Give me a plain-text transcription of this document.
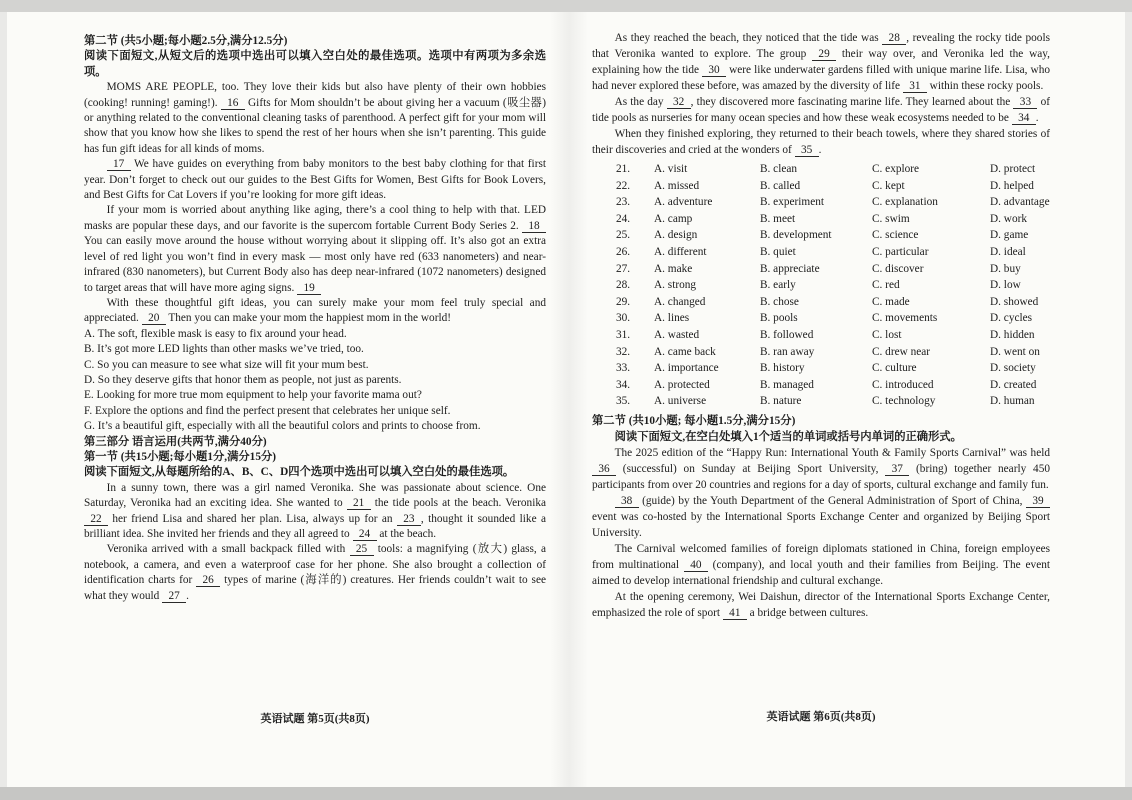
第二节 (共5小题;每小题2.5分,满分12.5分)

阅读下面短文,从短文后的选项中选出可以填入空白处的最佳选项。选项中有两项为多余选项。

MOMS ARE PEOPLE, too. They love their kids but also have plenty of their own hobbies (cooking! running! gaming!). 16 Gifts for Mom shouldn’t be about giving her a vacuum (吸尘器) or anything related to the conventional cleaning tasks of parenthood. A perfect gift for your mom will show that you know how she likes to spend the rest of her hours when she isn’t parenting. This guide has fun gift ideas for all kinds of moms.

17 We have guides on everything from baby monitors to the best baby clothing for that first year. Don’t forget to check out our guides to the Best Gifts for Women, Best Gifts for Book Lovers, and Best Gifts for Cat Lovers if you’re looking for more gift ideas.

If your mom is worried about anything like aging, there’s a cool thing to help with that. LED masks are popular these days, and our favorite is the supercom fortable Current Body Series 2. 18 You can easily move around the house without worrying about it slipping off. It’s also got an extra level of red light you won’t find in every mask — most only have red (633 nanometers) and near-infrared (830 nanometers), but Current Body also has deep near-infrared (1072 nanometers) designed to target areas that will have more aging signs. 19

With these thoughtful gift ideas, you can surely make your mom feel truly special and appreciated. 20 Then you can make your mom the happiest mom in the world!

A. The soft, flexible mask is easy to fix around your head.

B. It’s got more LED lights than other masks we’ve tried, too.

C. So you can measure to see what size will fit your mum best.

D. So they deserve gifts that honor them as people, not just as parents.

E. Looking for more true mom equipment to help your favorite mama out?

F. Explore the options and find the perfect present that celebrates her unique self.

G. It’s a beautiful gift, especially with all the beautiful colors and prints to choose from.

第三部分 语言运用(共两节,满分40分)
第一节 (共15小题;每小题1分,满分15分)

阅读下面短文,从每题所给的A、B、C、D四个选项中选出可以填入空白处的最佳选项。

In a sunny town, there was a girl named Veronika. She was passionate about science. One Saturday, Veronika had an exciting idea. She wanted to 21 the tide pools at the beach. Veronika 22 her friend Lisa and shared her plan. Lisa, always up for an 23 , thought it sounded like a brilliant idea. She invited her friends and they all agreed to 24 at the beach.

Veronika arrived with a small backpack filled with 25 tools: a magnifying (放大) glass, a notebook, a camera, and even a waterproof case for her phone. She also brought a collection of identification charts for 26 types of marine (海洋的) creatures. Her friends couldn’t wait to see what they would 27 .

英语试题 第5页(共8页)

As they reached the beach, they noticed that the tide was 28 , revealing the rocky tide pools that Veronika wanted to explore. The group 29 their way over, and Veronika led the way, explaining how the tide 30 were like underwater gardens filled with unique marine life. Lisa, who had never explored these before, was amazed by the diversity of life 31 within these rocky pools.

As the day 32 , they discovered more fascinating marine life. They learned about the 33 of tide pools as nurseries for many ocean species and how these weak ecosystems needed to be 34 .

When they finished exploring, they returned to their beach towels, where they shared stories of their discoveries and cried at the wonders of 35 .

21.	A. visit	B. clean	C. explore	D. protect
22.	A. missed	B. called	C. kept	D. helped
23.	A. adventure	B. experiment	C. explanation	D. advantage
24.	A. camp	B. meet	C. swim	D. work
25.	A. design	B. development	C. science	D. game
26.	A. different	B. quiet	C. particular	D. ideal
27.	A. make	B. appreciate	C. discover	D. buy
28.	A. strong	B. early	C. red	D. low
29.	A. changed	B. chose	C. made	D. showed
30.	A. lines	B. pools	C. movements	D. cycles
31.	A. wasted	B. followed	C. lost	D. hidden
32.	A. came back	B. ran away	C. drew near	D. went on
33.	A. importance	B. history	C. culture	D. society
34.	A. protected	B. managed	C. introduced	D. created
35.	A. universe	B. nature	C. technology	D. human
第二节 (共10小题; 每小题1.5分,满分15分)

阅读下面短文,在空白处填入1个适当的单词或括号内单词的正确形式。

The 2025 edition of the “Happy Run: International Youth & Family Sports Carnival” was held 36 (successful) on Sunday at Beijing Sport University, 37 (bring) together nearly 450 participants from over 20 countries and regions for a day of sports, cultural exchange and family fun.

38 (guide) by the Youth Department of the General Administration of Sport of China, 39 event was co-hosted by the International Sports Exchange Center and organized by Beijing Sport University.

The Carnival welcomed families of foreign diplomats stationed in China, foreign employees from multinational 40 (company), and local youth and their families from Beijing. The event aimed to develop international friendship and cultural exchange.

At the opening ceremony, Wei Daishun, director of the International Sports Exchange Center, emphasized the role of sport 41 a bridge between cultures.

英语试题 第6页(共8页)
